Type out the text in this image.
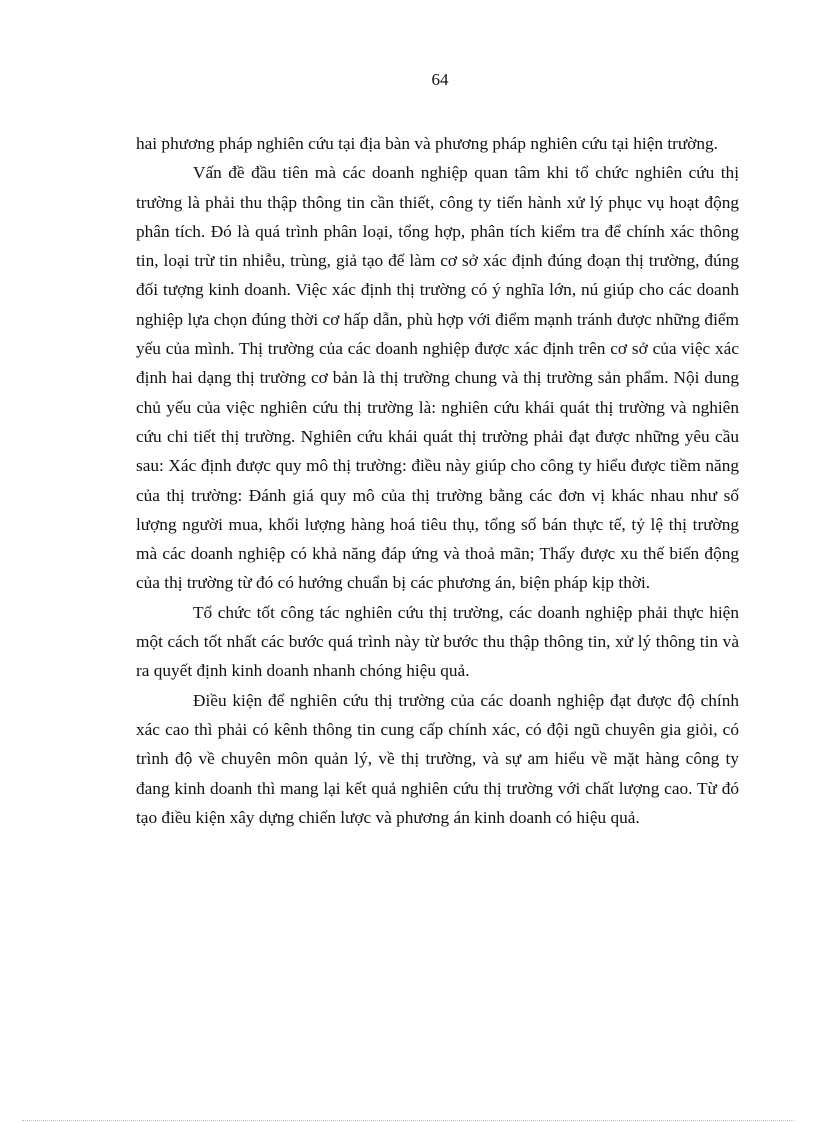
64

hai phương pháp nghiên cứu tại địa bàn và phương pháp nghiên cứu tại hiện trường.

Vấn đề đầu tiên mà các doanh nghiệp quan tâm khi tổ chức nghiên cứu thị trường là phải thu thập thông tin cần thiết, công ty tiến hành xử lý phục vụ hoạt động phân tích. Đó là quá trình phân loại, tổng hợp, phân tích kiểm tra để chính xác thông tin, loại trừ tin nhiễu, trùng, giả tạo để làm cơ sở xác định đúng đoạn thị trường, đúng đối tượng kinh doanh. Việc xác định thị trường có ý nghĩa lớn, nú giúp cho các doanh nghiệp lựa chọn đúng thời cơ hấp dẫn, phù hợp với điểm mạnh tránh được những điểm yếu của mình. Thị trường của các doanh nghiệp được xác định trên cơ sở của việc xác định hai dạng thị trường cơ bản là thị trường chung và thị trường sản phẩm. Nội dung chủ yếu của việc nghiên cứu thị trường là: nghiên cứu khái quát thị trường và nghiên cứu chi tiết thị trường. Nghiên cứu khái quát thị trường phải đạt được những yêu cầu sau: Xác định được quy mô thị trường: điều này giúp cho công ty hiểu được tiềm năng của thị trường: Đánh giá quy mô của thị trường bằng các đơn vị khác nhau như số lượng người mua, khối lượng hàng hoá tiêu thụ, tổng số bán thực tế, tỷ lệ thị trường mà các doanh nghiệp có khả năng đáp ứng và thoả mãn; Thấy được xu thế biến động của thị trường từ đó có hướng chuẩn bị các phương án, biện pháp kịp thời.

Tổ chức tốt công tác nghiên cứu thị trường, các doanh nghiệp phải thực hiện một cách tốt nhất các bước quá trình này từ bước thu thập thông tin, xử lý thông tin và ra quyết định kinh doanh nhanh chóng hiệu quả.

Điều kiện để nghiên cứu thị trường của các doanh nghiệp đạt được độ chính xác cao thì phải có kênh thông tin cung cấp chính xác, có đội ngũ chuyên gia giỏi, có trình độ về chuyên môn quản lý, về thị trường, và sự am hiểu về mặt hàng công ty đang kinh doanh thì mang lại kết quả nghiên cứu thị trường với chất lượng cao. Từ đó tạo điều kiện xây dựng chiến lược và phương án kinh doanh có hiệu quả.
